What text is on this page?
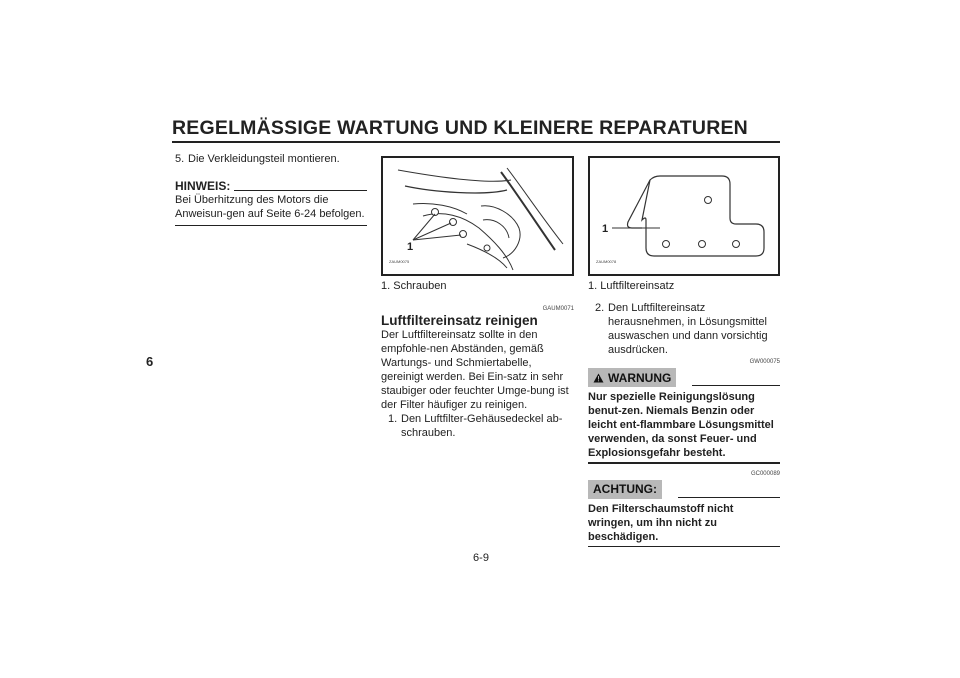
REGELMÄSSIGE WARTUNG UND KLEINERE REPARATUREN
6
5. Die Verkleidungsteil montieren.
HINWEIS:
Bei Überhitzung des Motors die Anweisun-gen auf Seite 6-24 befolgen.
1
ZAUM0075
1. Schrauben
GAUM0071
Luftfiltereinsatz reinigen
Der Luftfiltereinsatz sollte in den empfohle-nen Abständen, gemäß Wartungs- und Schmiertabelle, gereinigt werden. Bei Ein-satz in sehr staubiger oder feuchter Umge-bung ist der Filter häufiger zu reinigen.
1. Den Luftfilter-Gehäusedeckel ab-schrauben.
1
ZAUM0078
1. Luftfiltereinsatz
2. Den Luftfiltereinsatz herausnehmen, in Lösungsmittel auswaschen und dann vorsichtig ausdrücken.
GW000075
WARNUNG
Nur spezielle Reinigungslösung benut-zen. Niemals Benzin oder leicht ent-flammbare Lösungsmittel verwenden, da sonst Feuer- und Explosionsgefahr besteht.
GC000089
ACHTUNG:
Den Filterschaumstoff nicht wringen, um ihn nicht zu beschädigen.
6-9
